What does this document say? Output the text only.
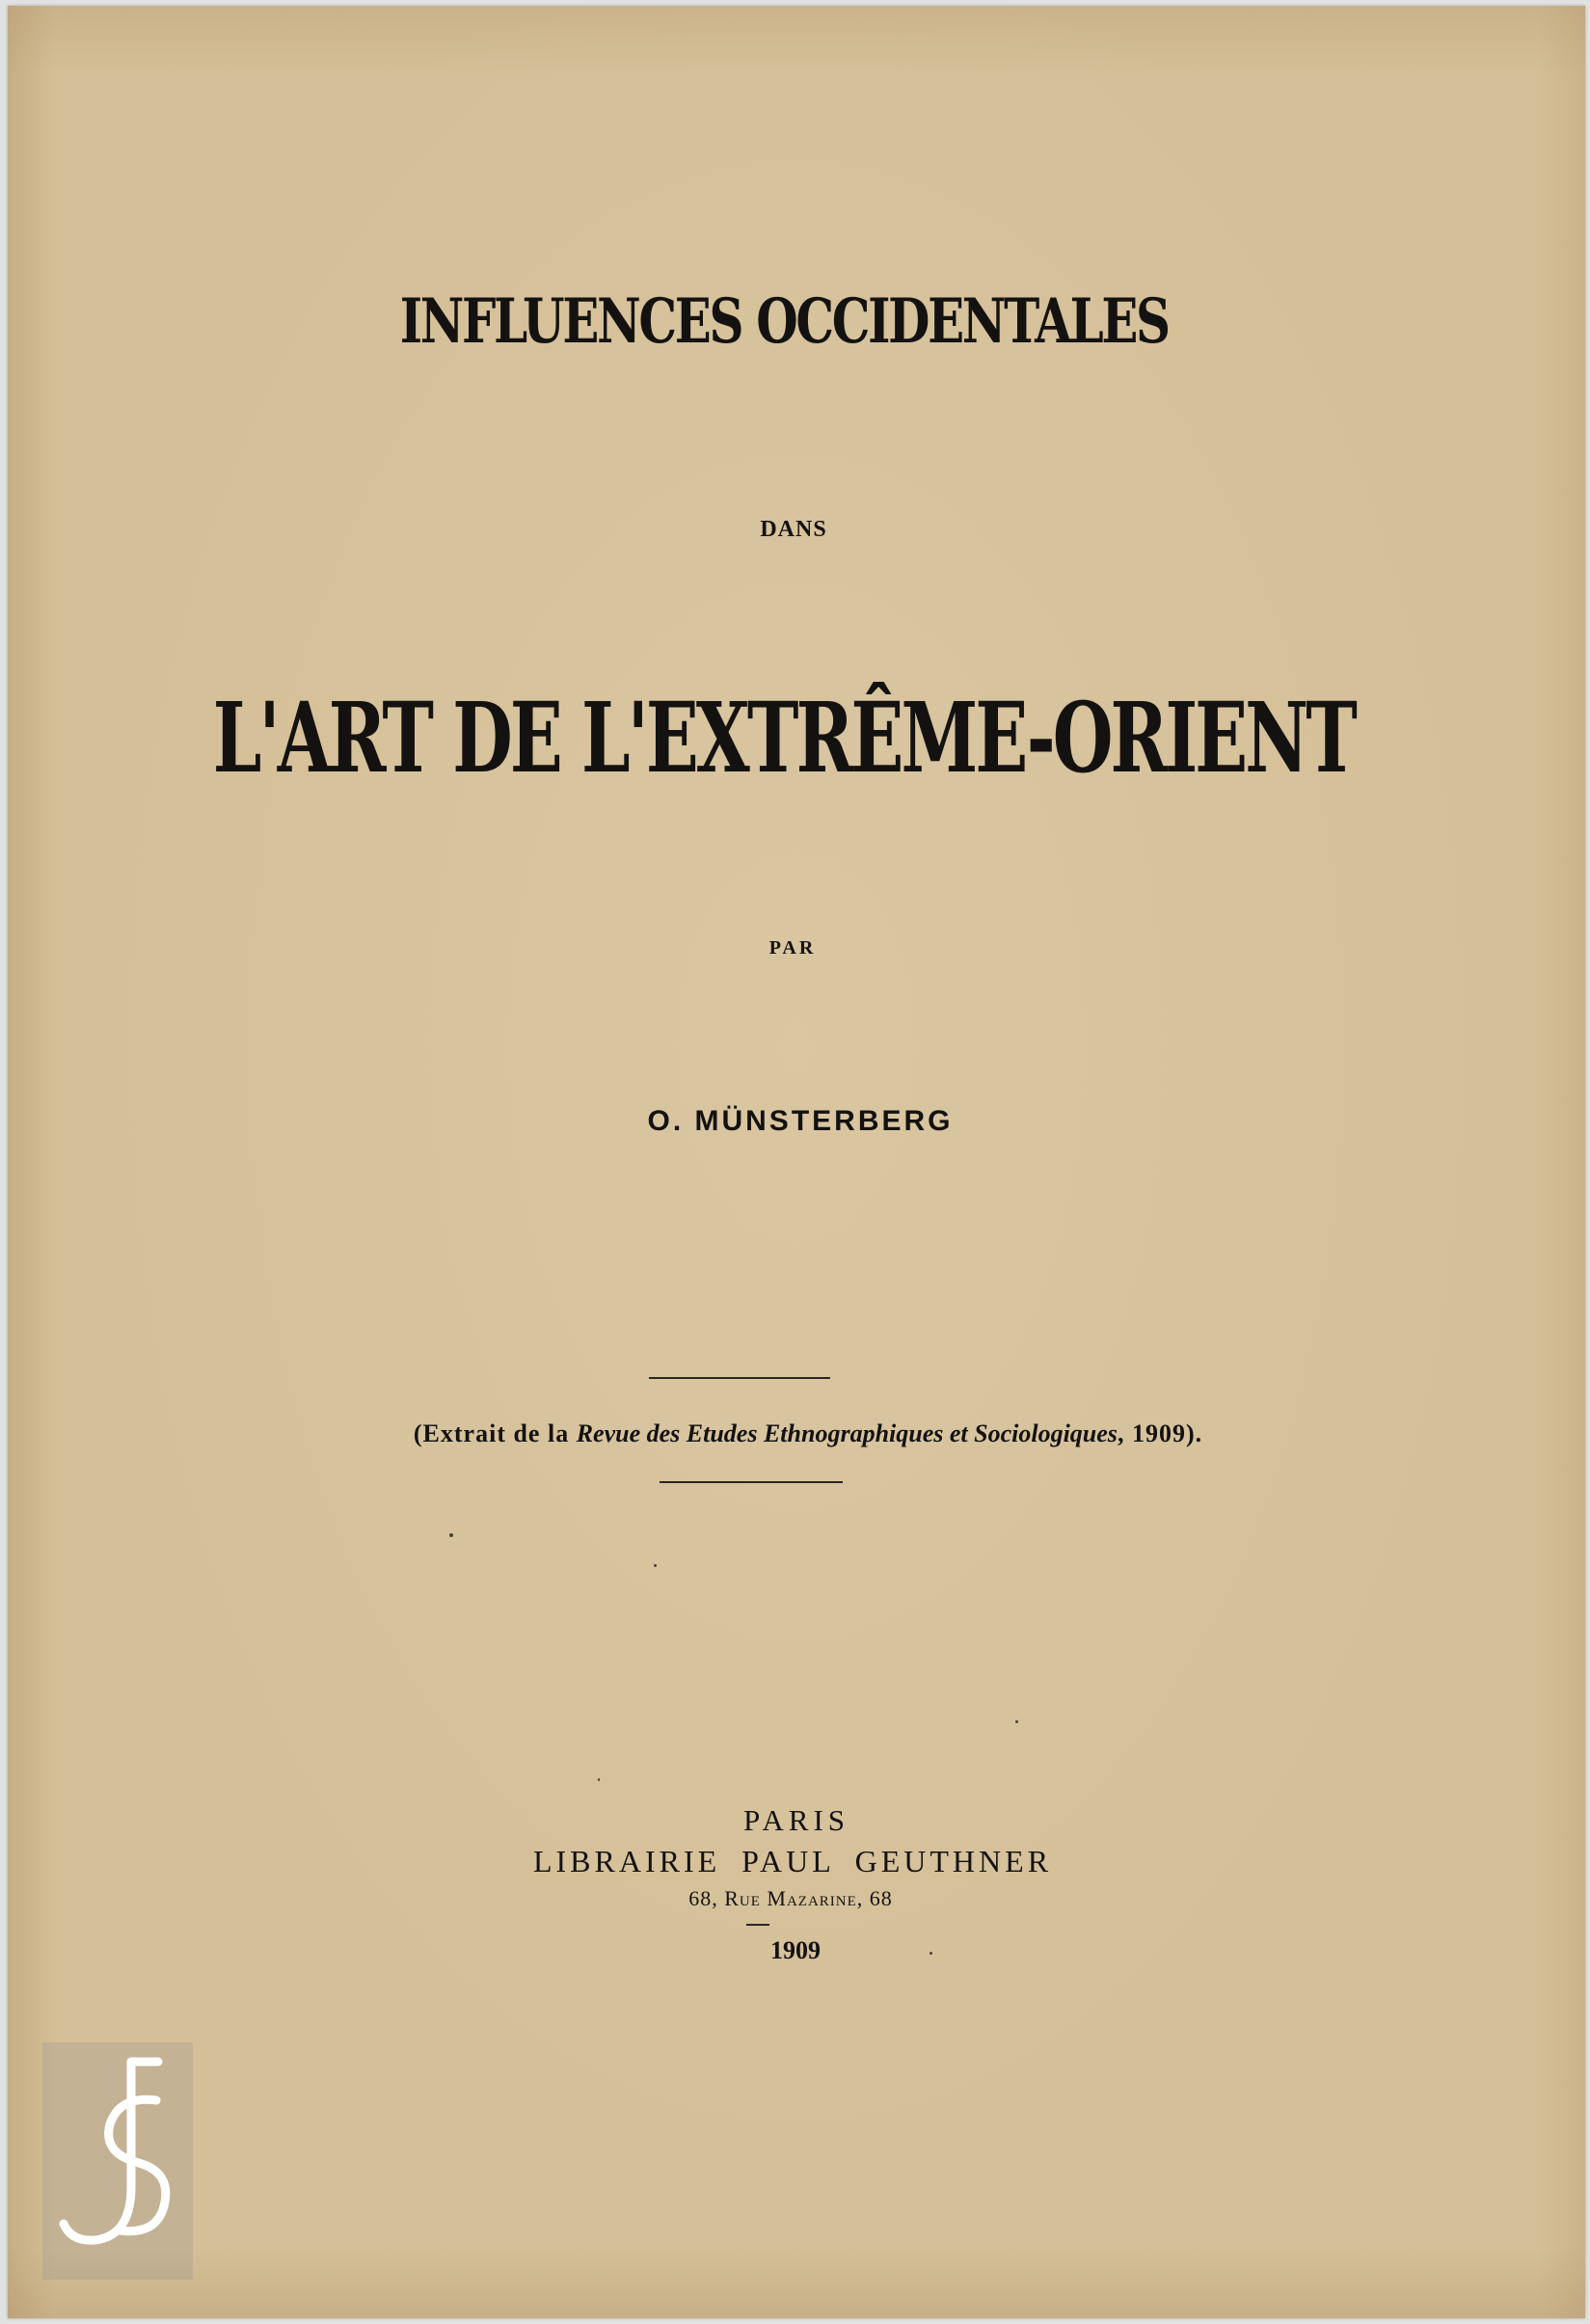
INFLUENCES OCCIDENTALES
DANS
L'ART DE L'EXTRÊME-ORIENT
PAR
O. MÜNSTERBERG
(Extrait de la Revue des Etudes Ethnographiques et Sociologiques, 1909).
PARIS
LIBRAIRIE PAUL GEUTHNER
68, Rue Mazarine, 68
1909
